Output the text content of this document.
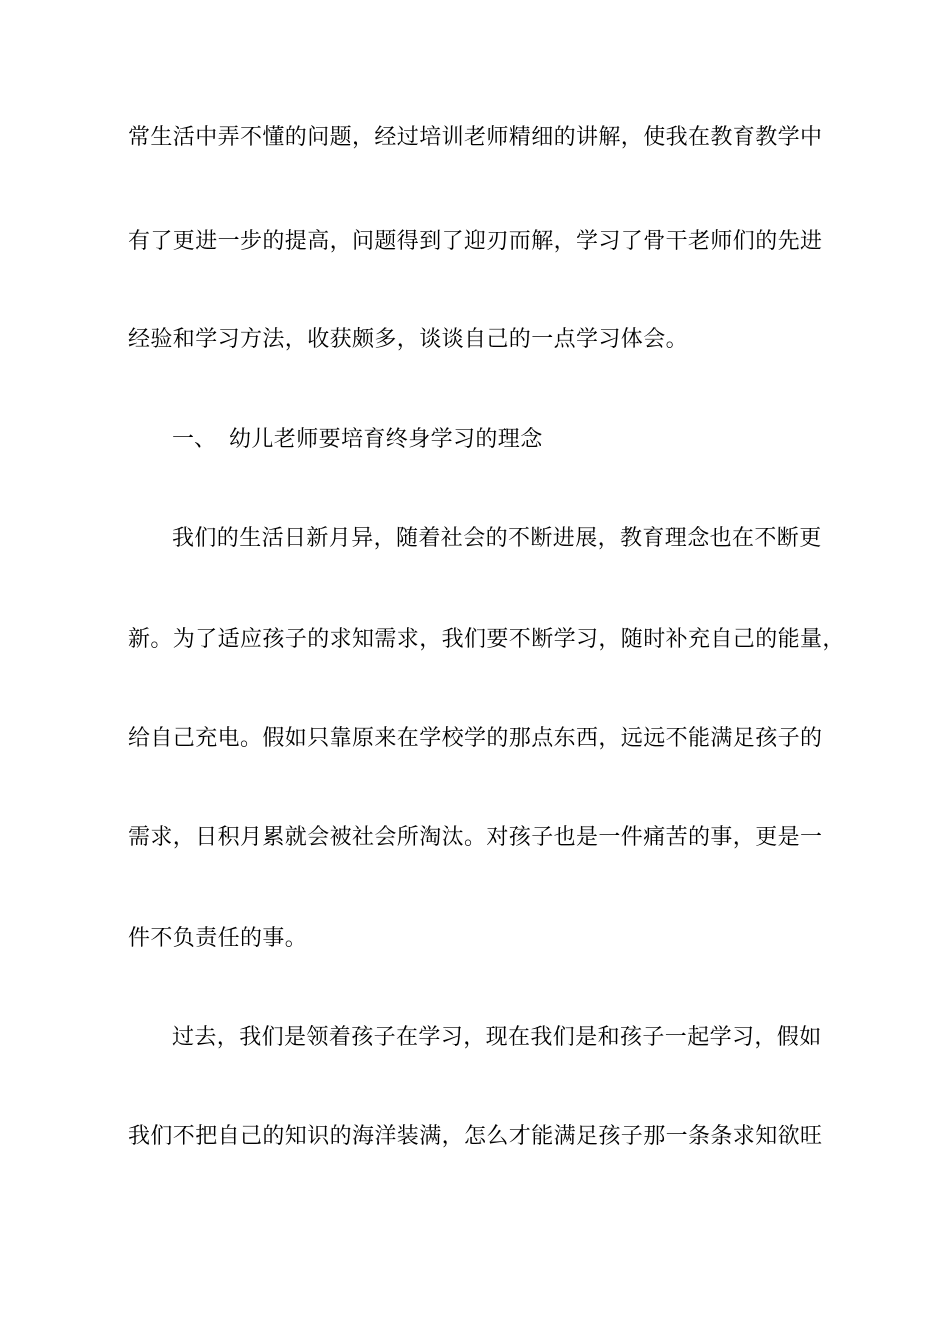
常生活中弄不懂的问题，经过培训老师精细的讲解，使我在教育教学中
有了更进一步的提高，问题得到了迎刃而解，学习了骨干老师们的先进
经验和学习方法，收获颇多，谈谈自己的一点学习体会。
一、 幼儿老师要培育终身学习的理念
我们的生活日新月异，随着社会的不断进展，教育理念也在不断更
新。为了适应孩子的求知需求，我们要不断学习，随时补充自己的能量，
给自己充电。假如只靠原来在学校学的那点东西，远远不能满足孩子的
需求，日积月累就会被社会所淘汰。对孩子也是一件痛苦的事，更是一
件不负责任的事。
过去，我们是领着孩子在学习，现在我们是和孩子一起学习，假如
我们不把自己的知识的海洋装满，怎么才能满足孩子那一条条求知欲旺
